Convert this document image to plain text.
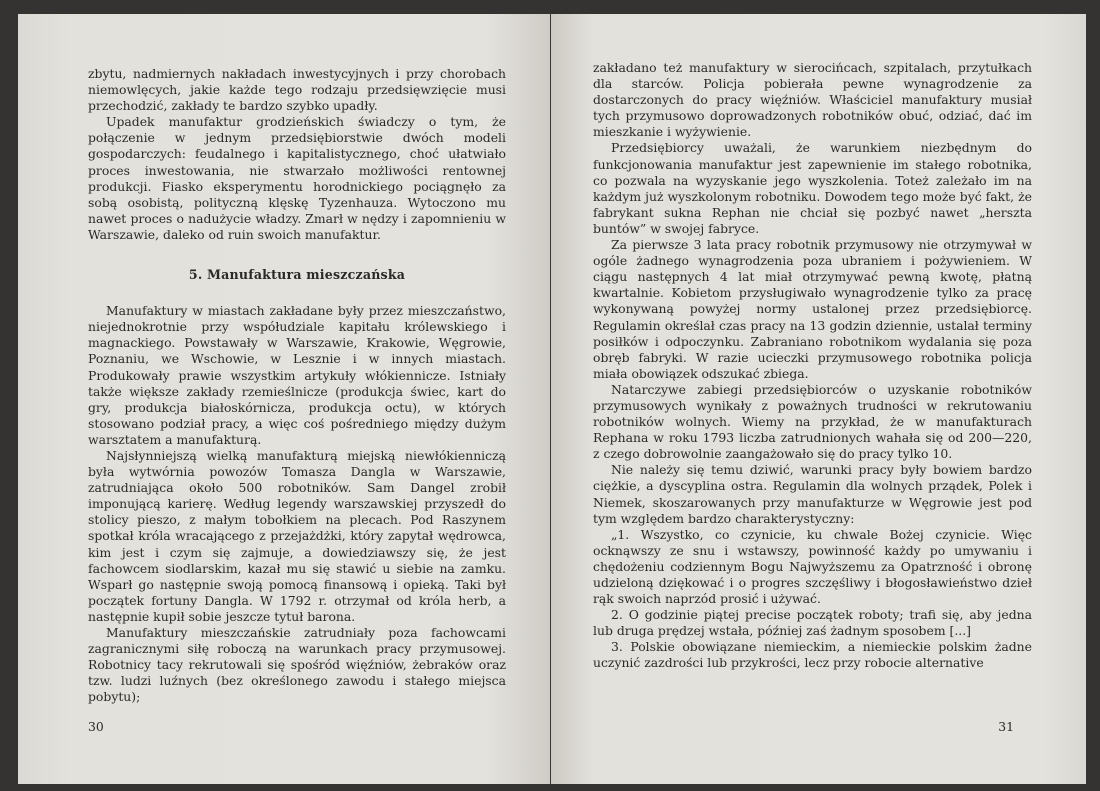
zbytu, nadmiernych nakładach inwestycyjnych i przy chorobach niemowlęcych, jakie każde tego rodzaju przedsięwzięcie musi przechodzić, zakłady te bardzo szybko upadły.

Upadek manufaktur grodzieńskich świadczy o tym, że połączenie w jednym przedsiębiorstwie dwóch modeli gospodarczych: feudalnego i kapitalistycznego, choć ułatwiało proces inwestowania, nie stwarzało możliwości rentownej produkcji. Fiasko eksperymentu horodnickiego pociągnęło za sobą osobistą, polityczną klęskę Tyzenhauza. Wytoczono mu nawet proces o nadużycie władzy. Zmarł w nędzy i zapomnieniu w Warszawie, daleko od ruin swoich manufaktur.

5. Manufaktura mieszczańska

Manufaktury w miastach zakładane były przez mieszczaństwo, niejednokrotnie przy współudziale kapitału królewskiego i magnackiego. Powstawały w Warszawie, Krakowie, Węgrowie, Poznaniu, we Wschowie, w Lesznie i w innych miastach. Produkowały prawie wszystkim artykuły włókiennicze. Istniały także większe zakłady rzemieślnicze (produkcja świec, kart do gry, produkcja białoskórnicza, produkcja octu), w których stosowano podział pracy, a więc coś pośredniego między dużym warsztatem a manufakturą.

Najsłynniejszą wielką manufakturą miejską niewłókienniczą była wytwórnia powozów Tomasza Dangla w Warszawie, zatrudniająca około 500 robotników. Sam Dangel zrobił imponującą karierę. Według legendy warszawskiej przyszedł do stolicy pieszo, z małym tobołkiem na plecach. Pod Raszynem spotkał króla wracającego z przejażdżki, który zapytał wędrowca, kim jest i czym się zajmuje, a dowiedziawszy się, że jest fachowcem siodlarskim, kazał mu się stawić u siebie na zamku. Wsparł go następnie swoją pomocą finansową i opieką. Taki był początek fortuny Dangla. W 1792 r. otrzymał od króla herb, a następnie kupił sobie jeszcze tytuł barona.

Manufaktury mieszczańskie zatrudniały poza fachowcami zagranicznymi siłę roboczą na warunkach pracy przymusowej. Robotnicy tacy rekrutowali się spośród więźniów, żebraków oraz tzw. ludzi luźnych (bez określonego zawodu i stałego miejsca pobytu);

30

zakładano też manufaktury w sierocińcach, szpitalach, przytułkach dla starców. Policja pobierała pewne wynagrodzenie za dostarczonych do pracy więźniów. Właściciel manufaktury musiał tych przymusowo doprowadzonych robotników obuć, odziać, dać im mieszkanie i wyżywienie.

Przedsiębiorcy uważali, że warunkiem niezbędnym do funkcjonowania manufaktur jest zapewnienie im stałego robotnika, co pozwala na wyzyskanie jego wyszkolenia. Toteż zależało im na każdym już wyszkolonym robotniku. Dowodem tego może być fakt, że fabrykant sukna Rephan nie chciał się pozbyć nawet „herszta buntów” w swojej fabryce.

Za pierwsze 3 lata pracy robotnik przymusowy nie otrzymywał w ogóle żadnego wynagrodzenia poza ubraniem i pożywieniem. W ciągu następnych 4 lat miał otrzymywać pewną kwotę, płatną kwartalnie. Kobietom przysługiwało wynagrodzenie tylko za pracę wykonywaną powyżej normy ustalonej przez przedsiębiorcę. Regulamin określał czas pracy na 13 godzin dziennie, ustalał terminy posiłków i odpoczynku. Zabraniano robotnikom wydalania się poza obręb fabryki. W razie ucieczki przymusowego robotnika policja miała obowiązek odszukać zbiega.

Natarczywe zabiegi przedsiębiorców o uzyskanie robotników przymusowych wynikały z poważnych trudności w rekrutowaniu robotników wolnych. Wiemy na przykład, że w manufakturach Rephana w roku 1793 liczba zatrudnionych wahała się od 200—220, z czego dobrowolnie zaangażowało się do pracy tylko 10.

Nie należy się temu dziwić, warunki pracy były bowiem bardzo ciężkie, a dyscyplina ostra. Regulamin dla wolnych prządek, Polek i Niemek, skoszarowanych przy manufakturze w Węgrowie jest pod tym względem bardzo charakterystyczny:

„1. Wszystko, co czynicie, ku chwale Bożej czynicie. Więc ocknąwszy ze snu i wstawszy, powinność każdy po umywaniu i chędożeniu codziennym Bogu Najwyższemu za Opatrzność i obronę udzieloną dziękować i o progres szczęśliwy i błogosławieństwo dzieł rąk swoich naprzód prosić i używać.

2. O godzinie piątej precise początek roboty; trafi się, aby jedna lub druga prędzej wstała, później zaś żadnym sposobem [...]

3. Polskie obowiązane niemieckim, a niemieckie polskim żadne uczynić zazdrości lub przykrości, lecz przy robocie alternative

31
